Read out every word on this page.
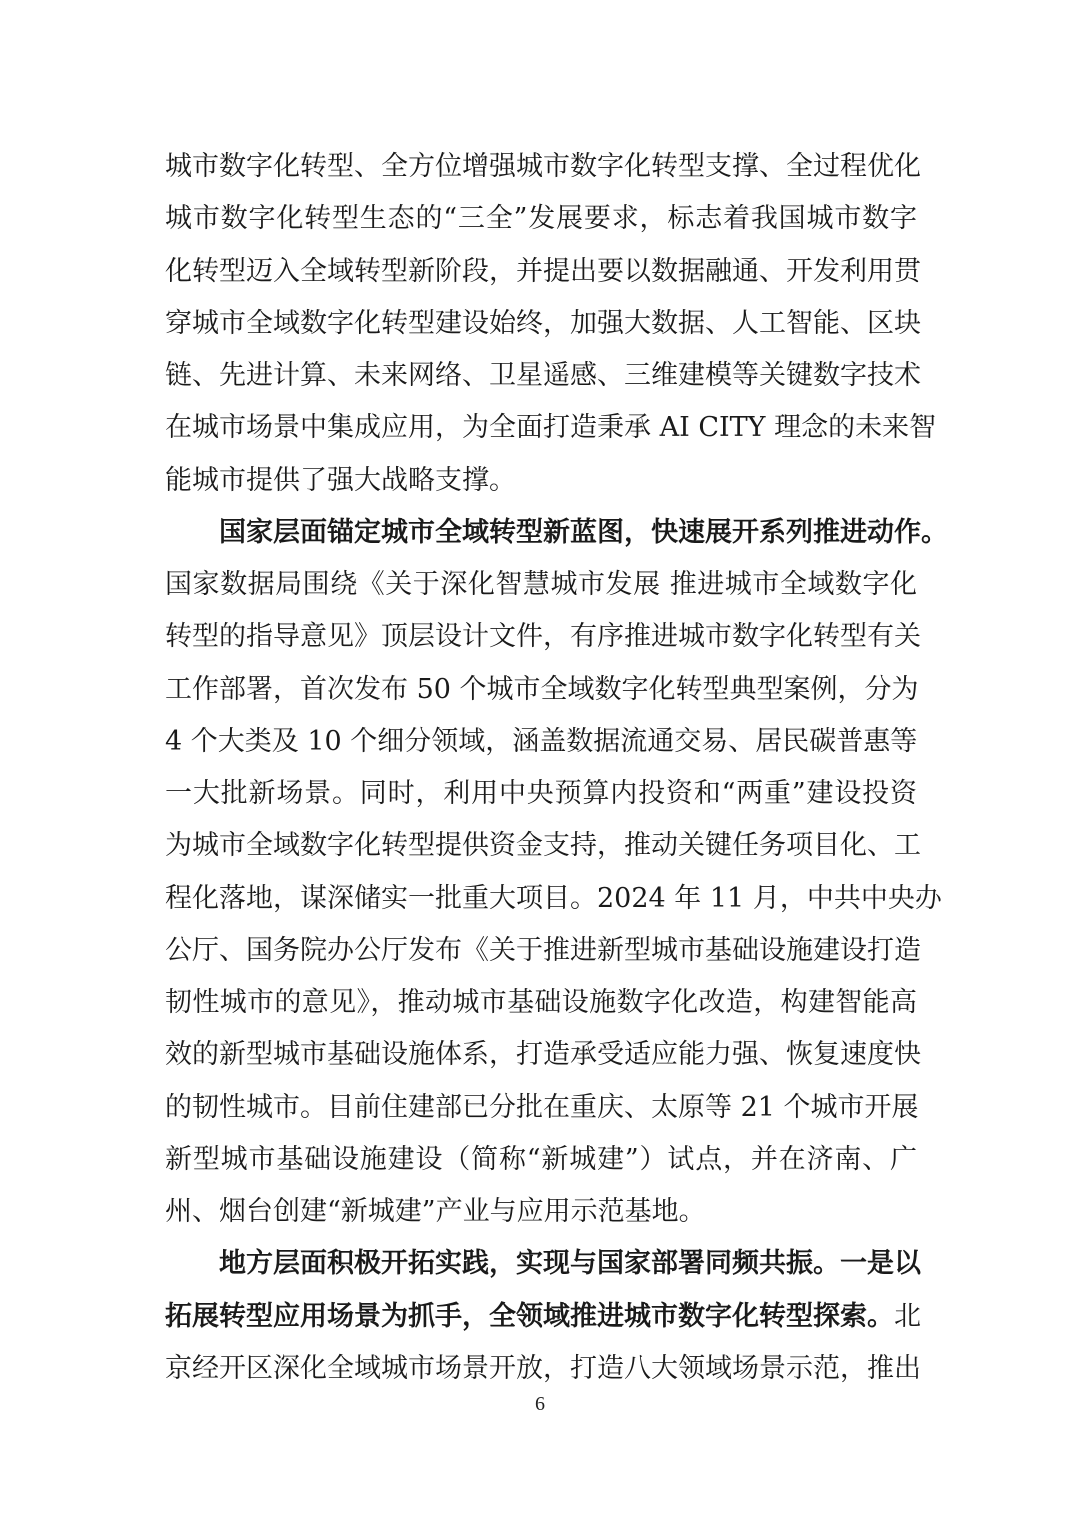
城市数字化转型、全方位增强城市数字化转型支撑、全过程优化
城市数字化转型生态的“三全”发展要求，标志着我国城市数字
化转型迈入全域转型新阶段，并提出要以数据融通、开发利用贯
穿城市全域数字化转型建设始终，加强大数据、人工智能、区块
链、先进计算、未来网络、卫星遥感、三维建模等关键数字技术
在城市场景中集成应用，为全面打造秉承 AI CITY 理念的未来智
能城市提供了强大战略支撑。
国家层面锚定城市全域转型新蓝图，快速展开系列推进动作。
国家数据局围绕《关于深化智慧城市发展 推进城市全域数字化
转型的指导意见》顶层设计文件，有序推进城市数字化转型有关
工作部署，首次发布 50 个城市全域数字化转型典型案例，分为
4 个大类及 10 个细分领域，涵盖数据流通交易、居民碳普惠等
一大批新场景。同时，利用中央预算内投资和“两重”建设投资
为城市全域数字化转型提供资金支持，推动关键任务项目化、工
程化落地，谋深储实一批重大项目。2024 年 11 月，中共中央办
公厅、国务院办公厅发布《关于推进新型城市基础设施建设打造
韧性城市的意见》，推动城市基础设施数字化改造，构建智能高
效的新型城市基础设施体系，打造承受适应能力强、恢复速度快
的韧性城市。目前住建部已分批在重庆、太原等 21 个城市开展
新型城市基础设施建设（简称“新城建”）试点，并在济南、广
州、烟台创建“新城建”产业与应用示范基地。
地方层面积极开拓实践，实现与国家部署同频共振。一是以
拓展转型应用场景为抓手，全领域推进城市数字化转型探索。北
京经开区深化全域城市场景开放，打造八大领域场景示范，推出
6
